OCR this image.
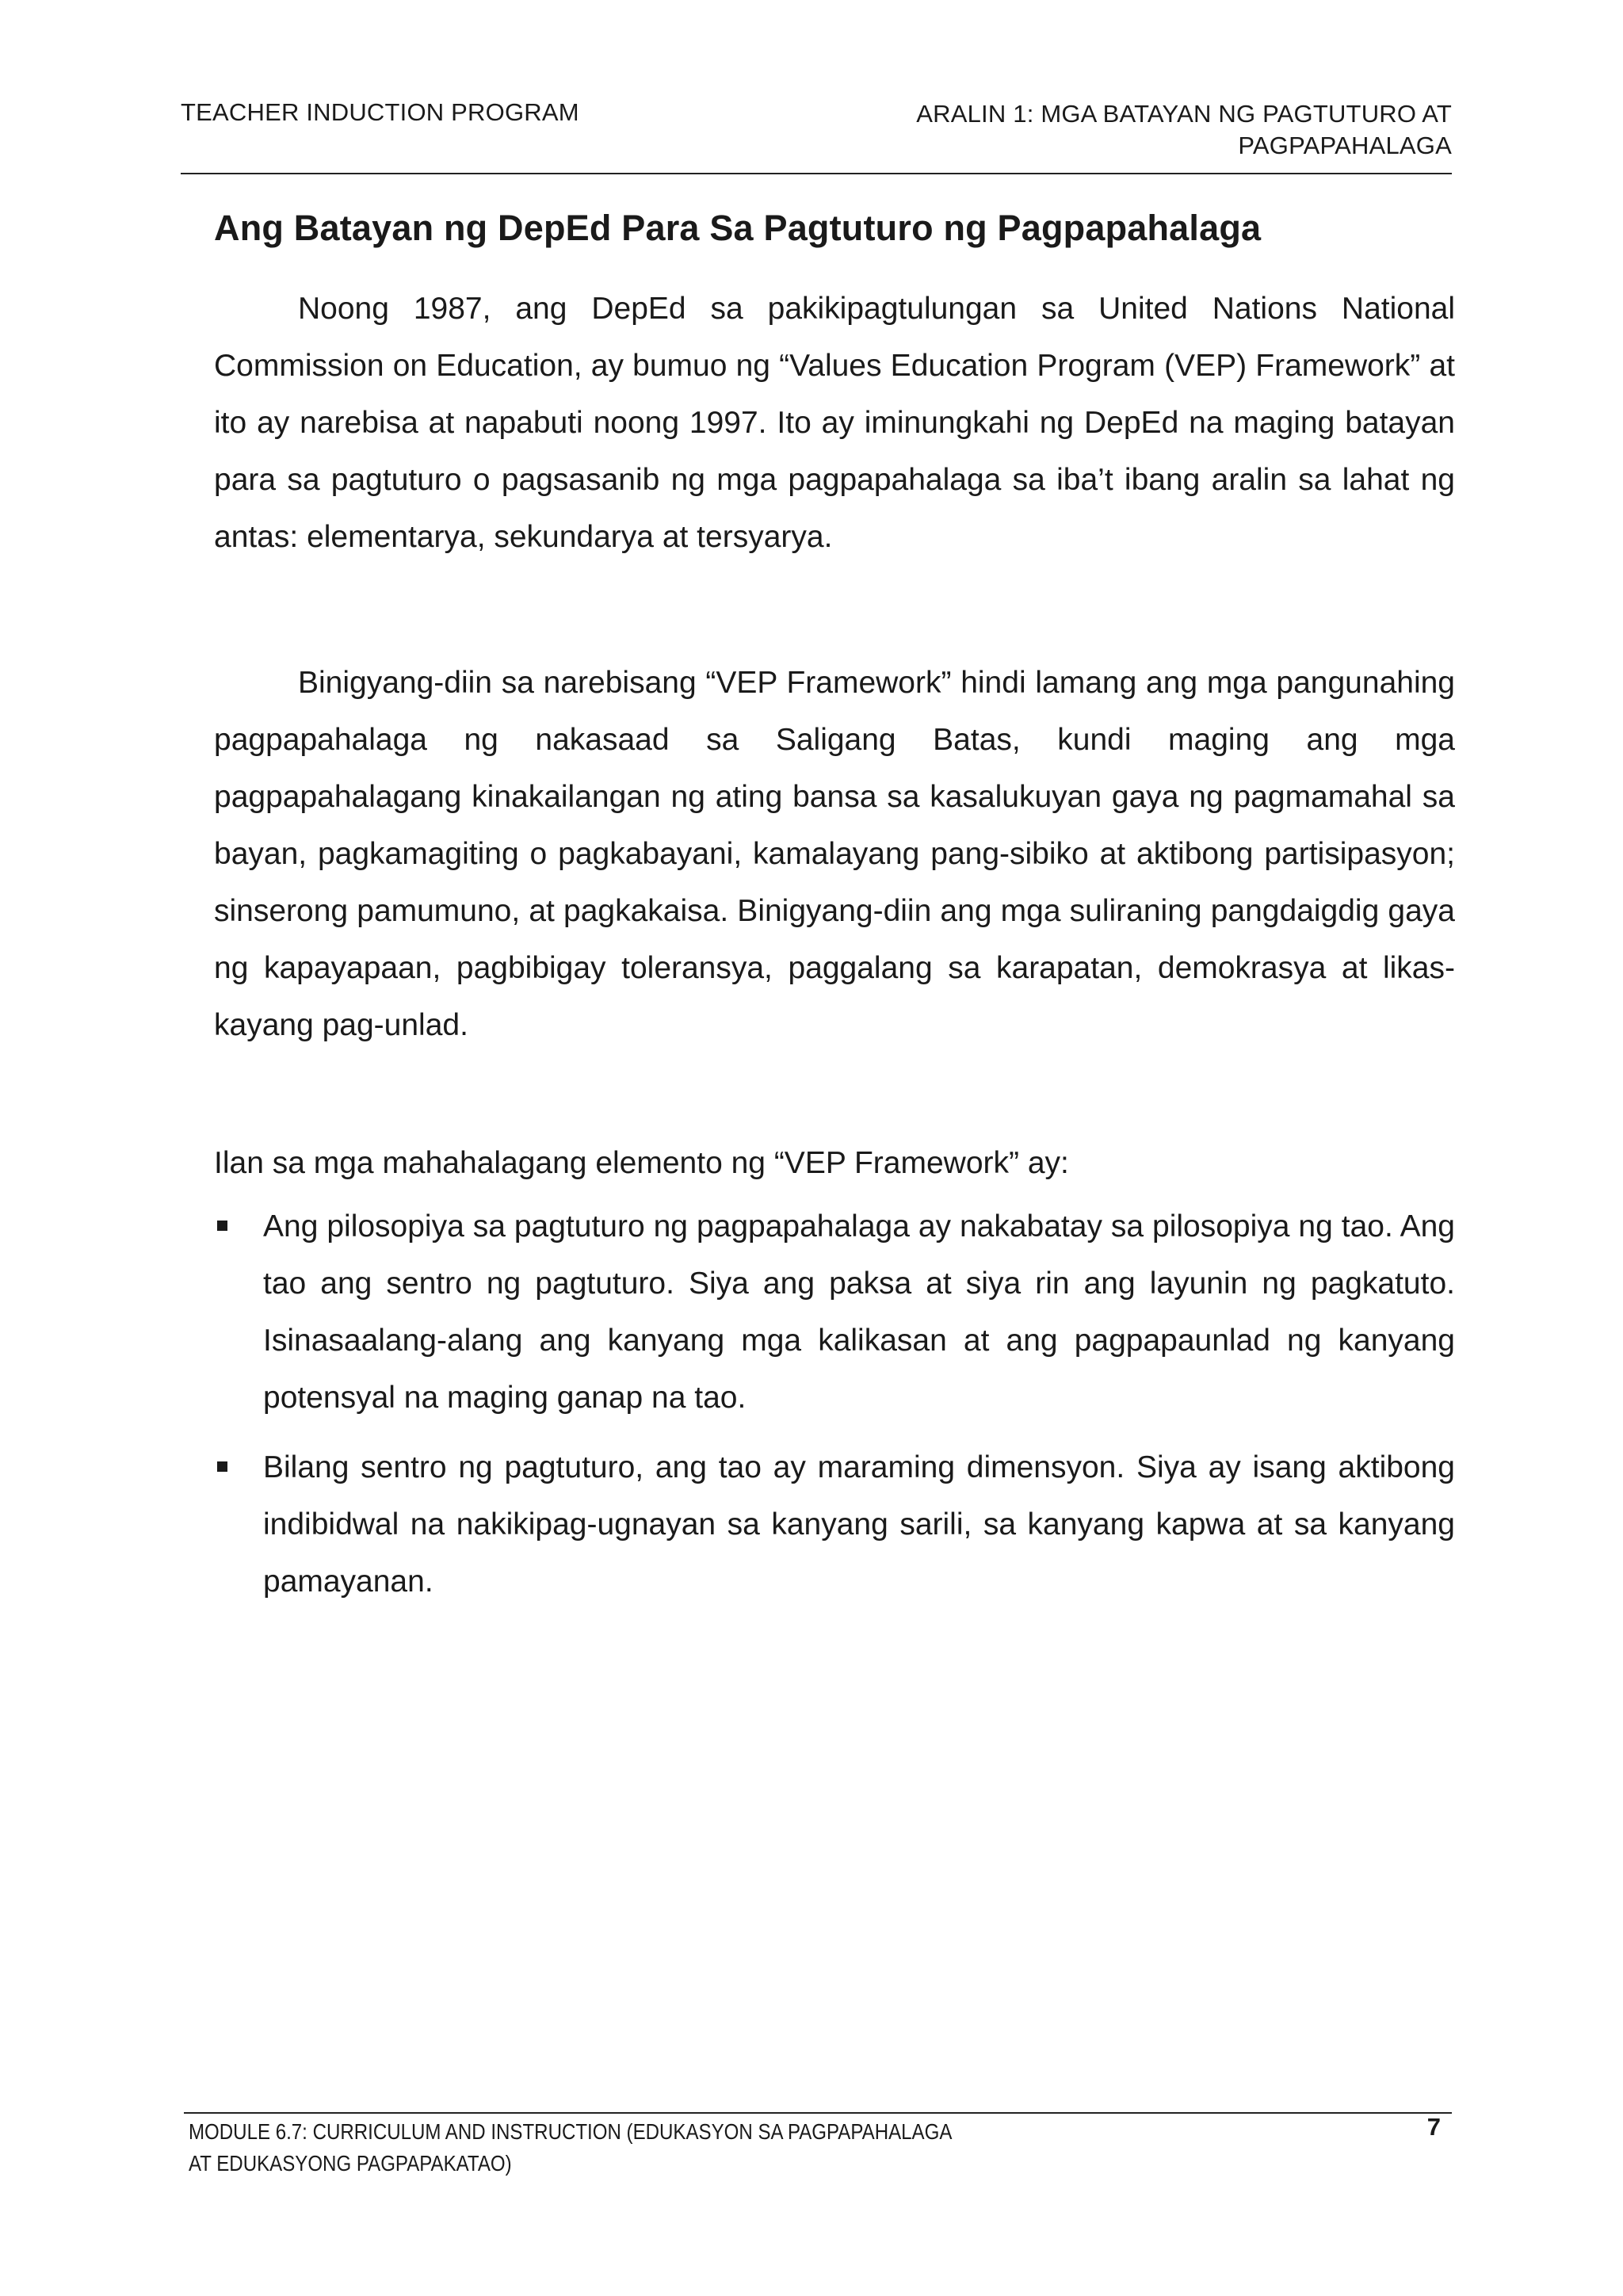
TEACHER INDUCTION PROGRAM	ARALIN 1: MGA BATAYAN NG PAGTUTURO AT
PAGPAPAHALAGA
Ang Batayan ng DepEd Para Sa Pagtuturo ng Pagpapahalaga

Noong 1987, ang DepEd sa pakikipagtulungan sa United Nations National Commission on Education, ay bumuo ng “Values Education Program (VEP) Framework” at ito ay narebisa at napabuti noong 1997. Ito ay iminungkahi ng DepEd na maging batayan para sa pagtuturo o pagsasanib ng mga pagpapahalaga sa iba’t ibang aralin sa lahat ng antas: elementarya, sekundarya at tersyarya.

Binigyang-diin sa narebisang “VEP Framework” hindi lamang ang mga pangunahing pagpapahalaga ng nakasaad sa Saligang Batas, kundi maging ang mga pagpapahalagang kinakailangan ng ating bansa sa kasalukuyan gaya ng pagmamahal sa bayan, pagkamagiting o pagkabayani, kamalayang pang-sibiko at aktibong partisipasyon; sinserong pamumuno, at pagkakaisa. Binigyang-diin ang mga suliraning pangdaigdig gaya ng kapayapaan, pagbibigay toleransya, paggalang sa karapatan, demokrasya at likas-kayang pag-unlad.

Ilan sa mga mahahalagang elemento ng “VEP Framework” ay:

Ang pilosopiya sa pagtuturo ng pagpapahalaga ay nakabatay sa pilosopiya ng tao. Ang tao ang sentro ng pagtuturo. Siya ang paksa at siya rin ang layunin ng pagkatuto. Isinasaalang-alang ang kanyang mga kalikasan at ang pagpapaunlad ng kanyang potensyal na maging ganap na tao.
Bilang sentro ng pagtuturo, ang tao ay maraming dimensyon. Siya ay isang aktibong indibidwal na nakikipag-ugnayan sa kanyang sarili, sa kanyang kapwa at sa kanyang pamayanan.
MODULE 6.7: CURRICULUM AND INSTRUCTION (EDUKASYON SA PAGPAPAHALAGA
AT EDUKASYONG PAGPAPAKATAO)
7
